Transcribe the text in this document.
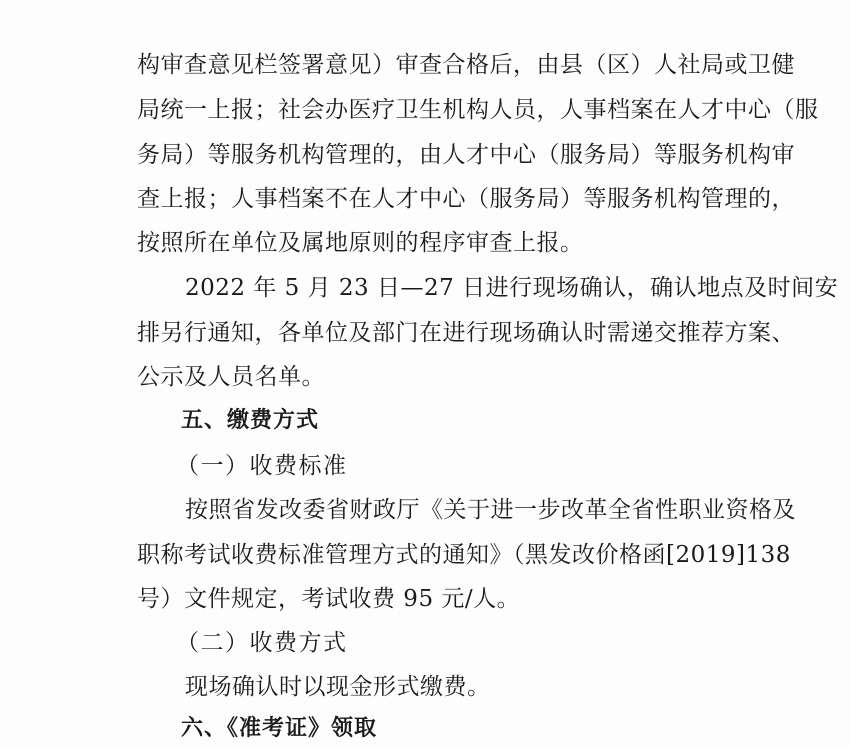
构审查意见栏签署意见）审查合格后，由县（区）人社局或卫健
局统一上报；社会办医疗卫生机构人员，人事档案在人才中心（服
务局）等服务机构管理的，由人才中心（服务局）等服务机构审
查上报；人事档案不在人才中心（服务局）等服务机构管理的，
按照所在单位及属地原则的程序审查上报。
2022 年 5 月 23 日—27 日进行现场确认，确认地点及时间安
排另行通知，各单位及部门在进行现场确认时需递交推荐方案、
公示及人员名单。
五、缴费方式
（一）收费标准
按照省发改委省财政厅《关于进一步改革全省性职业资格及
职称考试收费标准管理方式的通知》（黑发改价格函[2019]138
号）文件规定，考试收费 95 元/人。
（二）收费方式
现场确认时以现金形式缴费。
六、《准考证》领取
